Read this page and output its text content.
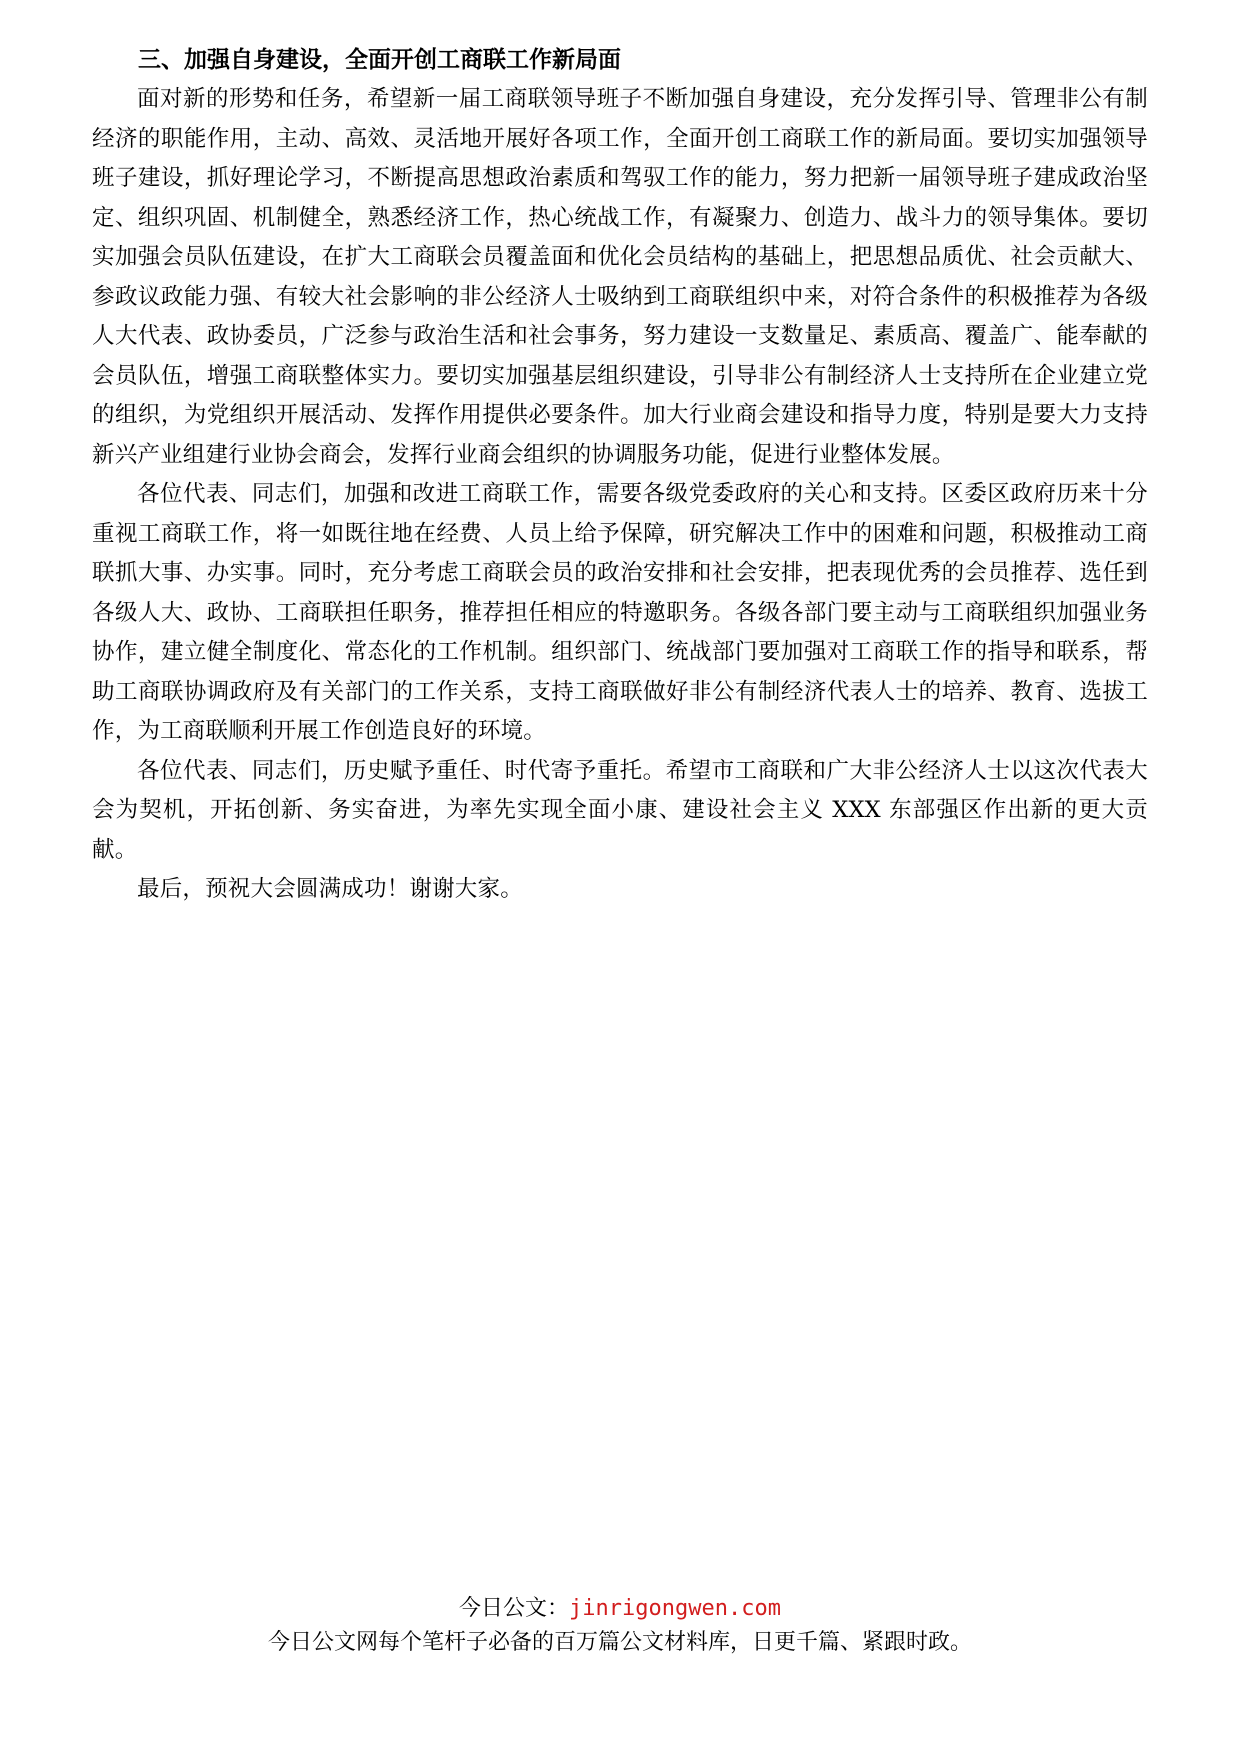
三、加强自身建设，全面开创工商联工作新局面

面对新的形势和任务，希望新一届工商联领导班子不断加强自身建设，充分发挥引导、管理非公有制经济的职能作用，主动、高效、灵活地开展好各项工作，全面开创工商联工作的新局面。要切实加强领导班子建设，抓好理论学习，不断提高思想政治素质和驾驭工作的能力，努力把新一届领导班子建成政治坚定、组织巩固、机制健全，熟悉经济工作，热心统战工作，有凝聚力、创造力、战斗力的领导集体。要切实加强会员队伍建设，在扩大工商联会员覆盖面和优化会员结构的基础上，把思想品质优、社会贡献大、参政议政能力强、有较大社会影响的非公经济人士吸纳到工商联组织中来，对符合条件的积极推荐为各级人大代表、政协委员，广泛参与政治生活和社会事务，努力建设一支数量足、素质高、覆盖广、能奉献的会员队伍，增强工商联整体实力。要切实加强基层组织建设，引导非公有制经济人士支持所在企业建立党的组织，为党组织开展活动、发挥作用提供必要条件。加大行业商会建设和指导力度，特别是要大力支持新兴产业组建行业协会商会，发挥行业商会组织的协调服务功能，促进行业整体发展。

各位代表、同志们，加强和改进工商联工作，需要各级党委政府的关心和支持。区委区政府历来十分重视工商联工作，将一如既往地在经费、人员上给予保障，研究解决工作中的困难和问题，积极推动工商联抓大事、办实事。同时，充分考虑工商联会员的政治安排和社会安排，把表现优秀的会员推荐、选任到各级人大、政协、工商联担任职务，推荐担任相应的特邀职务。各级各部门要主动与工商联组织加强业务协作，建立健全制度化、常态化的工作机制。组织部门、统战部门要加强对工商联工作的指导和联系，帮助工商联协调政府及有关部门的工作关系，支持工商联做好非公有制经济代表人士的培养、教育、选拔工作，为工商联顺利开展工作创造良好的环境。

各位代表、同志们，历史赋予重任、时代寄予重托。希望市工商联和广大非公经济人士以这次代表大会为契机，开拓创新、务实奋进，为率先实现全面小康、建设社会主义 XXX 东部强区作出新的更大贡献。

最后，预祝大会圆满成功！谢谢大家。

今日公文：jinrigongwen.com
今日公文网每个笔杆子必备的百万篇公文材料库，日更千篇、紧跟时政。
